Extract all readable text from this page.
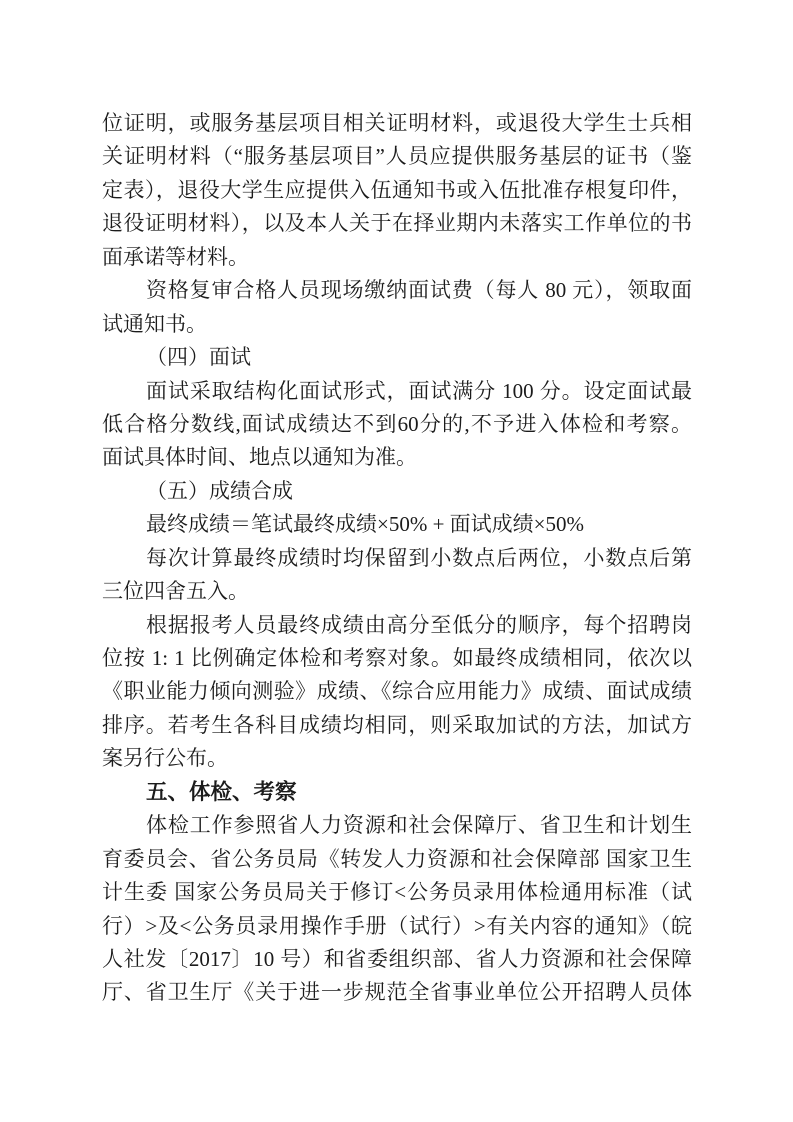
位证明，或服务基层项目相关证明材料，或退役大学生士兵相
关证明材料（“服务基层项目”人员应提供服务基层的证书（鉴
定表），退役大学生应提供入伍通知书或入伍批准存根复印件，
退役证明材料），以及本人关于在择业期内未落实工作单位的书
面承诺等材料。
资格复审合格人员现场缴纳面试费（每人 80 元），领取面
试通知书。
（四）面试
面试采取结构化面试形式，面试满分 100 分。设定面试最
低合格分数线,面试成绩达不到60分的,不予进入体检和考察。
面试具体时间、地点以通知为准。
（五）成绩合成
最终成绩＝笔试最终成绩×50% + 面试成绩×50%
每次计算最终成绩时均保留到小数点后两位，小数点后第
三位四舍五入。
根据报考人员最终成绩由高分至低分的顺序，每个招聘岗
位按 1: 1 比例确定体检和考察对象。如最终成绩相同，依次以
《职业能力倾向测验》成绩、《综合应用能力》成绩、面试成绩
排序。若考生各科目成绩均相同，则采取加试的方法，加试方
案另行公布。
五、体检、考察
体检工作参照省人力资源和社会保障厅、省卫生和计划生
育委员会、省公务员局《转发人力资源和社会保障部 国家卫生
计生委 国家公务员局关于修订<公务员录用体检通用标准（试
行）>及<公务员录用操作手册（试行）>有关内容的通知》（皖
人社发〔2017〕10 号）和省委组织部、省人力资源和社会保障
厅、省卫生厅《关于进一步规范全省事业单位公开招聘人员体
